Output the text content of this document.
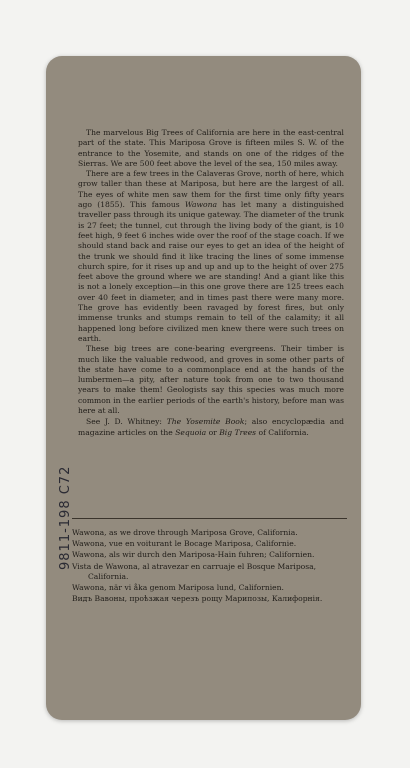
The marvelous Big Trees of California are here in the east-central part of the state. This Mariposa Grove is fifteen miles S. W. of the entrance to the Yosemite, and stands on one of the ridges of the Sierras. We are 500 feet above the level of the sea, 150 miles away.

There are a few trees in the Calaveras Grove, north of here, which grow taller than these at Mariposa, but here are the largest of all. The eyes of white men saw them for the first time only fifty years ago (1855). This famous Wawona has let many a distinguished traveller pass through its unique gateway. The diameter of the trunk is 27 feet; the tunnel, cut through the living body of the giant, is 10 feet high, 9 feet 6 inches wide over the roof of the stage coach. If we should stand back and raise our eyes to get an idea of the height of the trunk we should find it like tracing the lines of some immense church spire, for it rises up and up and up to the height of over 275 feet above the ground where we are standing! And a giant like this is not a lonely exception—in this one grove there are 125 trees each over 40 feet in diameter, and in times past there were many more. The grove has evidently been ravaged by forest fires, but only immense trunks and stumps remain to tell of the calamity; it all happened long before civilized men knew there were such trees on earth.

These big trees are cone-bearing evergreens. Their timber is much like the valuable redwood, and groves in some other parts of the state have come to a commonplace end at the hands of the lumbermen—a pity, after nature took from one to two thousand years to make them! Geologists say this species was much more common in the earlier periods of the earth's history, before man was here at all.

See J. D. Whitney: The Yosemite Book; also encyclopædia and magazine articles on the Sequoia or Big Trees of California.

Wawona, as we drove through Mariposa Grove, California.

Wawona, vue en voiturant le Bocage Mariposa, Californie.

Wawona, als wir durch den Mariposa-Hain fuhren; Californien.

Vista de Wawona, al atravezar en carruaje el Bosque Mariposa, California.

Wawona, när vi åka genom Mariposa lund, Californien.

Видъ Вавоны, проѣзжая черезъ рощу Марипозы, Калифорнія.

9811-198 C72
